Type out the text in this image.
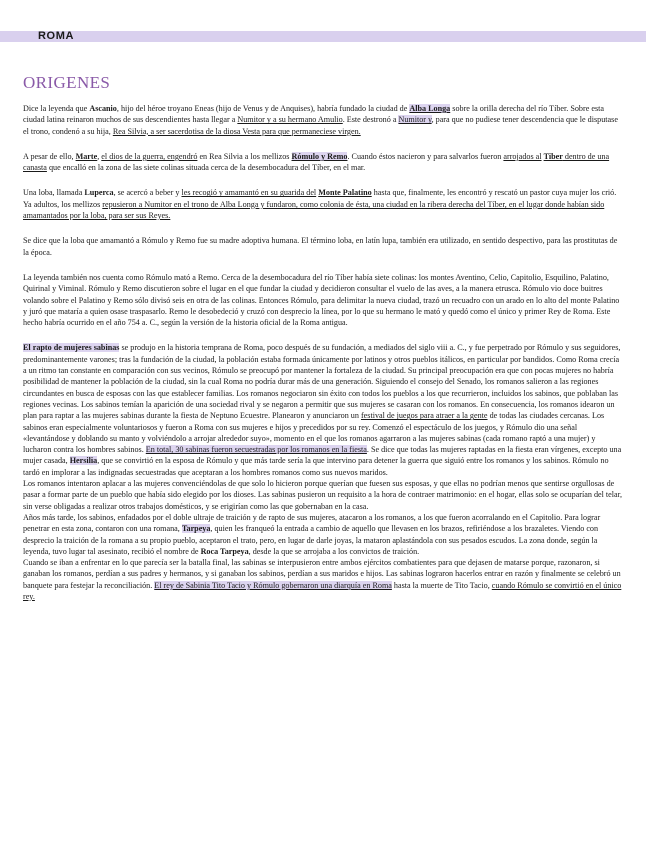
ROMA
ORIGENES

Dice la leyenda que Ascanio, hijo del héroe troyano Eneas (hijo de Venus y de Anquises), habría fundado la ciudad de Alba Longa sobre la orilla derecha del río Tíber. Sobre esta ciudad latina reinaron muchos de sus descendientes hasta llegar a Numitor y a su hermano Amulio. Este destronó a Numitor y, para que no pudiese tener descendencia que le disputase el trono, condenó a su hija, Rea Silvia, a ser sacerdotisa de la diosa Vesta para que permaneciese virgen.

A pesar de ello, Marte, el dios de la guerra, engendró en Rea Silvia a los mellizos Rómulo y Remo. Cuando éstos nacieron y para salvarlos fueron arrojados al Tiber dentro de una canasta que encalló en la zona de las siete colinas situada cerca de la desembocadura del Tíber, en el mar.

Una loba, llamada Luperca, se acercó a beber y les recogió y amamantó en su guarida del Monte Palatino hasta que, finalmente, les encontró y rescató un pastor cuya mujer los crió. Ya adultos, los mellizos repusieron a Numitor en el trono de Alba Longa y fundaron, como colonia de ésta, una ciudad en la ribera derecha del Tíber, en el lugar donde habían sido amamantados por la loba, para ser sus Reyes.

Se dice que la loba que amamantó a Rómulo y Remo fue su madre adoptiva humana. El término loba, en latín lupa, también era utilizado, en sentido despectivo, para las prostitutas de la época.

La leyenda también nos cuenta como Rómulo mató a Remo. Cerca de la desembocadura del río Tíber había siete colinas: los montes Aventino, Celio, Capitolio, Esquilino, Palatino, Quirinal y Viminal. Rómulo y Remo discutieron sobre el lugar en el que fundar la ciudad y decidieron consultar el vuelo de las aves, a la manera etrusca. Rómulo vio doce buitres volando sobre el Palatino y Remo sólo divisó seis en otra de las colinas. Entonces Rómulo, para delimitar la nueva ciudad, trazó un recuadro con un arado en lo alto del monte Palatino y juró que mataría a quien osase traspasarlo. Remo le desobedeció y cruzó con desprecio la línea, por lo que su hermano le mató y quedó como el único y primer Rey de Roma. Este hecho habría ocurrido en el año 754 a. C., según la versión de la historia oficial de la Roma antigua.

El rapto de mujeres sabinas se produjo en la historia temprana de Roma, poco después de su fundación, a mediados del siglo viii a. C., y fue perpetrado por Rómulo y sus seguidores, predominantemente varones; tras la fundación de la ciudad, la población estaba formada únicamente por latinos y otros pueblos itálicos, en particular por bandidos. Como Roma crecía a un ritmo tan constante en comparación con sus vecinos, Rómulo se preocupó por mantener la fortaleza de la ciudad. Su principal preocupación era que con pocas mujeres no habría posibilidad de mantener la población de la ciudad, sin la cual Roma no podría durar más de una generación. Siguiendo el consejo del Senado, los romanos salieron a las regiones circundantes en busca de esposas con las que establecer familias. Los romanos negociaron sin éxito con todos los pueblos a los que recurrieron, incluidos los sabinos, que poblaban las regiones vecinas. Los sabinos temían la aparición de una sociedad rival y se negaron a permitir que sus mujeres se casaran con los romanos. En consecuencia, los romanos idearon un plan para raptar a las mujeres sabinas durante la fiesta de Neptuno Ecuestre. Planearon y anunciaron un festival de juegos para atraer a la gente de todas las ciudades cercanas. Los sabinos eran especialmente voluntariosos y fueron a Roma con sus mujeres e hijos y precedidos por su rey. Comenzó el espectáculo de los juegos, y Rómulo dio una señal «levantándose y doblando su manto y volviéndolo a arrojar alrededor suyo», momento en el que los romanos agarraron a las mujeres sabinas (cada romano raptó a una mujer) y lucharon contra los hombres sabinos. En total, 30 sabinas fueron secuestradas por los romanos en la fiesta. Se dice que todas las mujeres raptadas en la fiesta eran vírgenes, excepto una mujer casada, Hersilia, que se convirtió en la esposa de Rómulo y que más tarde sería la que intervino para detener la guerra que siguió entre los romanos y los sabinos. Rómulo no tardó en implorar a las indignadas secuestradas que aceptaran a los hombres romanos como sus nuevos maridos.

Los romanos intentaron aplacar a las mujeres convenciéndolas de que solo lo hicieron porque querían que fuesen sus esposas, y que ellas no podrían menos que sentirse orgullosas de pasar a formar parte de un pueblo que había sido elegido por los dioses. Las sabinas pusieron un requisito a la hora de contraer matrimonio: en el hogar, ellas solo se ocuparían del telar, sin verse obligadas a realizar otros trabajos domésticos, y se erigirían como las que gobernaban en la casa.

Años más tarde, los sabinos, enfadados por el doble ultraje de traición y de rapto de sus mujeres, atacaron a los romanos, a los que fueron acorralando en el Capitolio. Para lograr penetrar en esta zona, contaron con una romana, Tarpeya, quien les franqueó la entrada a cambio de aquello que llevasen en los brazos, refiriéndose a los brazaletes. Viendo con desprecio la traición de la romana a su propio pueblo, aceptaron el trato, pero, en lugar de darle joyas, la mataron aplastándola con sus pesados escudos. La zona donde, según la leyenda, tuvo lugar tal asesinato, recibió el nombre de Roca Tarpeya, desde la que se arrojaba a los convictos de traición.

Cuando se iban a enfrentar en lo que parecía ser la batalla final, las sabinas se interpusieron entre ambos ejércitos combatientes para que dejasen de matarse porque, razonaron, si ganaban los romanos, perdían a sus padres y hermanos, y si ganaban los sabinos, perdían a sus maridos e hijos. Las sabinas lograron hacerlos entrar en razón y finalmente se celebró un banquete para festejar la reconciliación. El rey de Sabinia Tito Tacio y Rómulo gobernaron una diarquía en Roma hasta la muerte de Tito Tacio, cuando Rómulo se convirtió en el único rey.
